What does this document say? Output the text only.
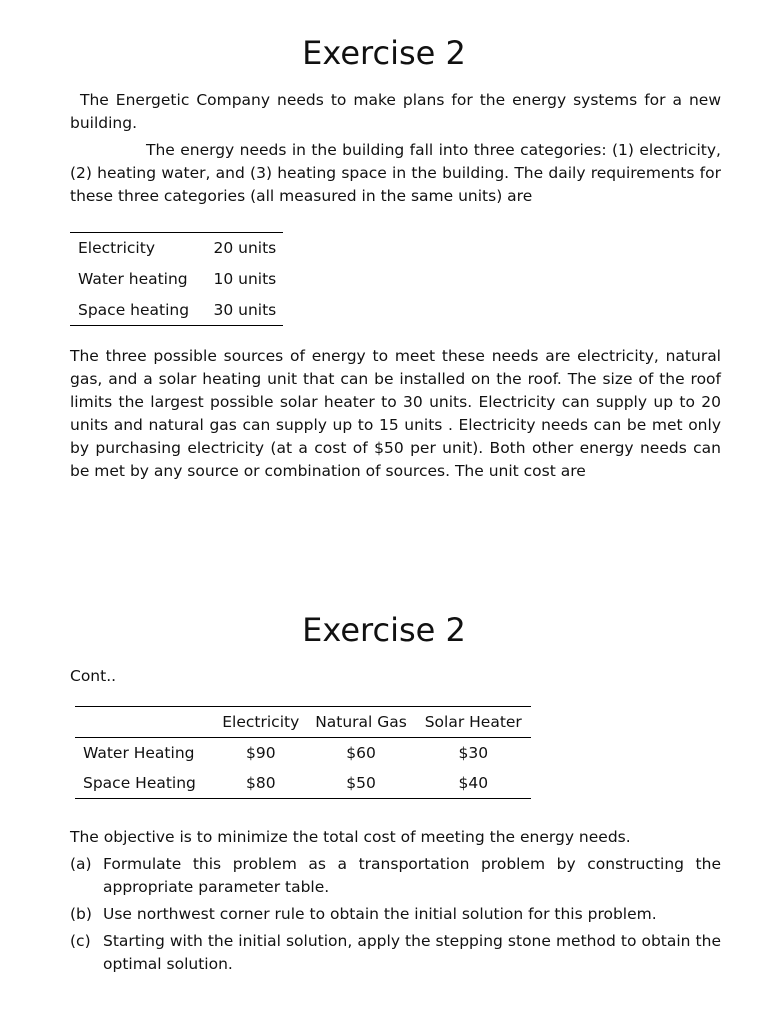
Exercise 2

The Energetic Company needs to make plans for the energy systems for a new building.

The energy needs in the building fall into three categories: (1) electricity, (2) heating water, and (3) heating space in the building. The daily requirements for these three categories (all measured in the same units) are

Electricity	20 units
Water heating	10 units
Space heating	30 units

The three possible sources of energy to meet these needs are electricity, natural gas, and a solar heating unit that can be installed on the roof. The size of the roof limits the largest possible solar heater to 30 units. Electricity can supply up to 20 units and natural gas can supply up to 15 units . Electricity needs can be met only by purchasing electricity (at a cost of $50 per unit). Both other energy needs can be met by any source or combination of sources. The unit cost are

Exercise 2

Cont..

	Electricity	Natural Gas	Solar Heater
Water Heating	$90	$60	$30
Space Heating	$80	$50	$40

The objective is to minimize the total cost of meeting the energy needs.

(a) Formulate this problem as a transportation problem by constructing the appropriate parameter table.
(b) Use northwest corner rule to obtain the initial solution for this problem.
(c) Starting with the initial solution, apply the stepping stone method to obtain the optimal solution.
